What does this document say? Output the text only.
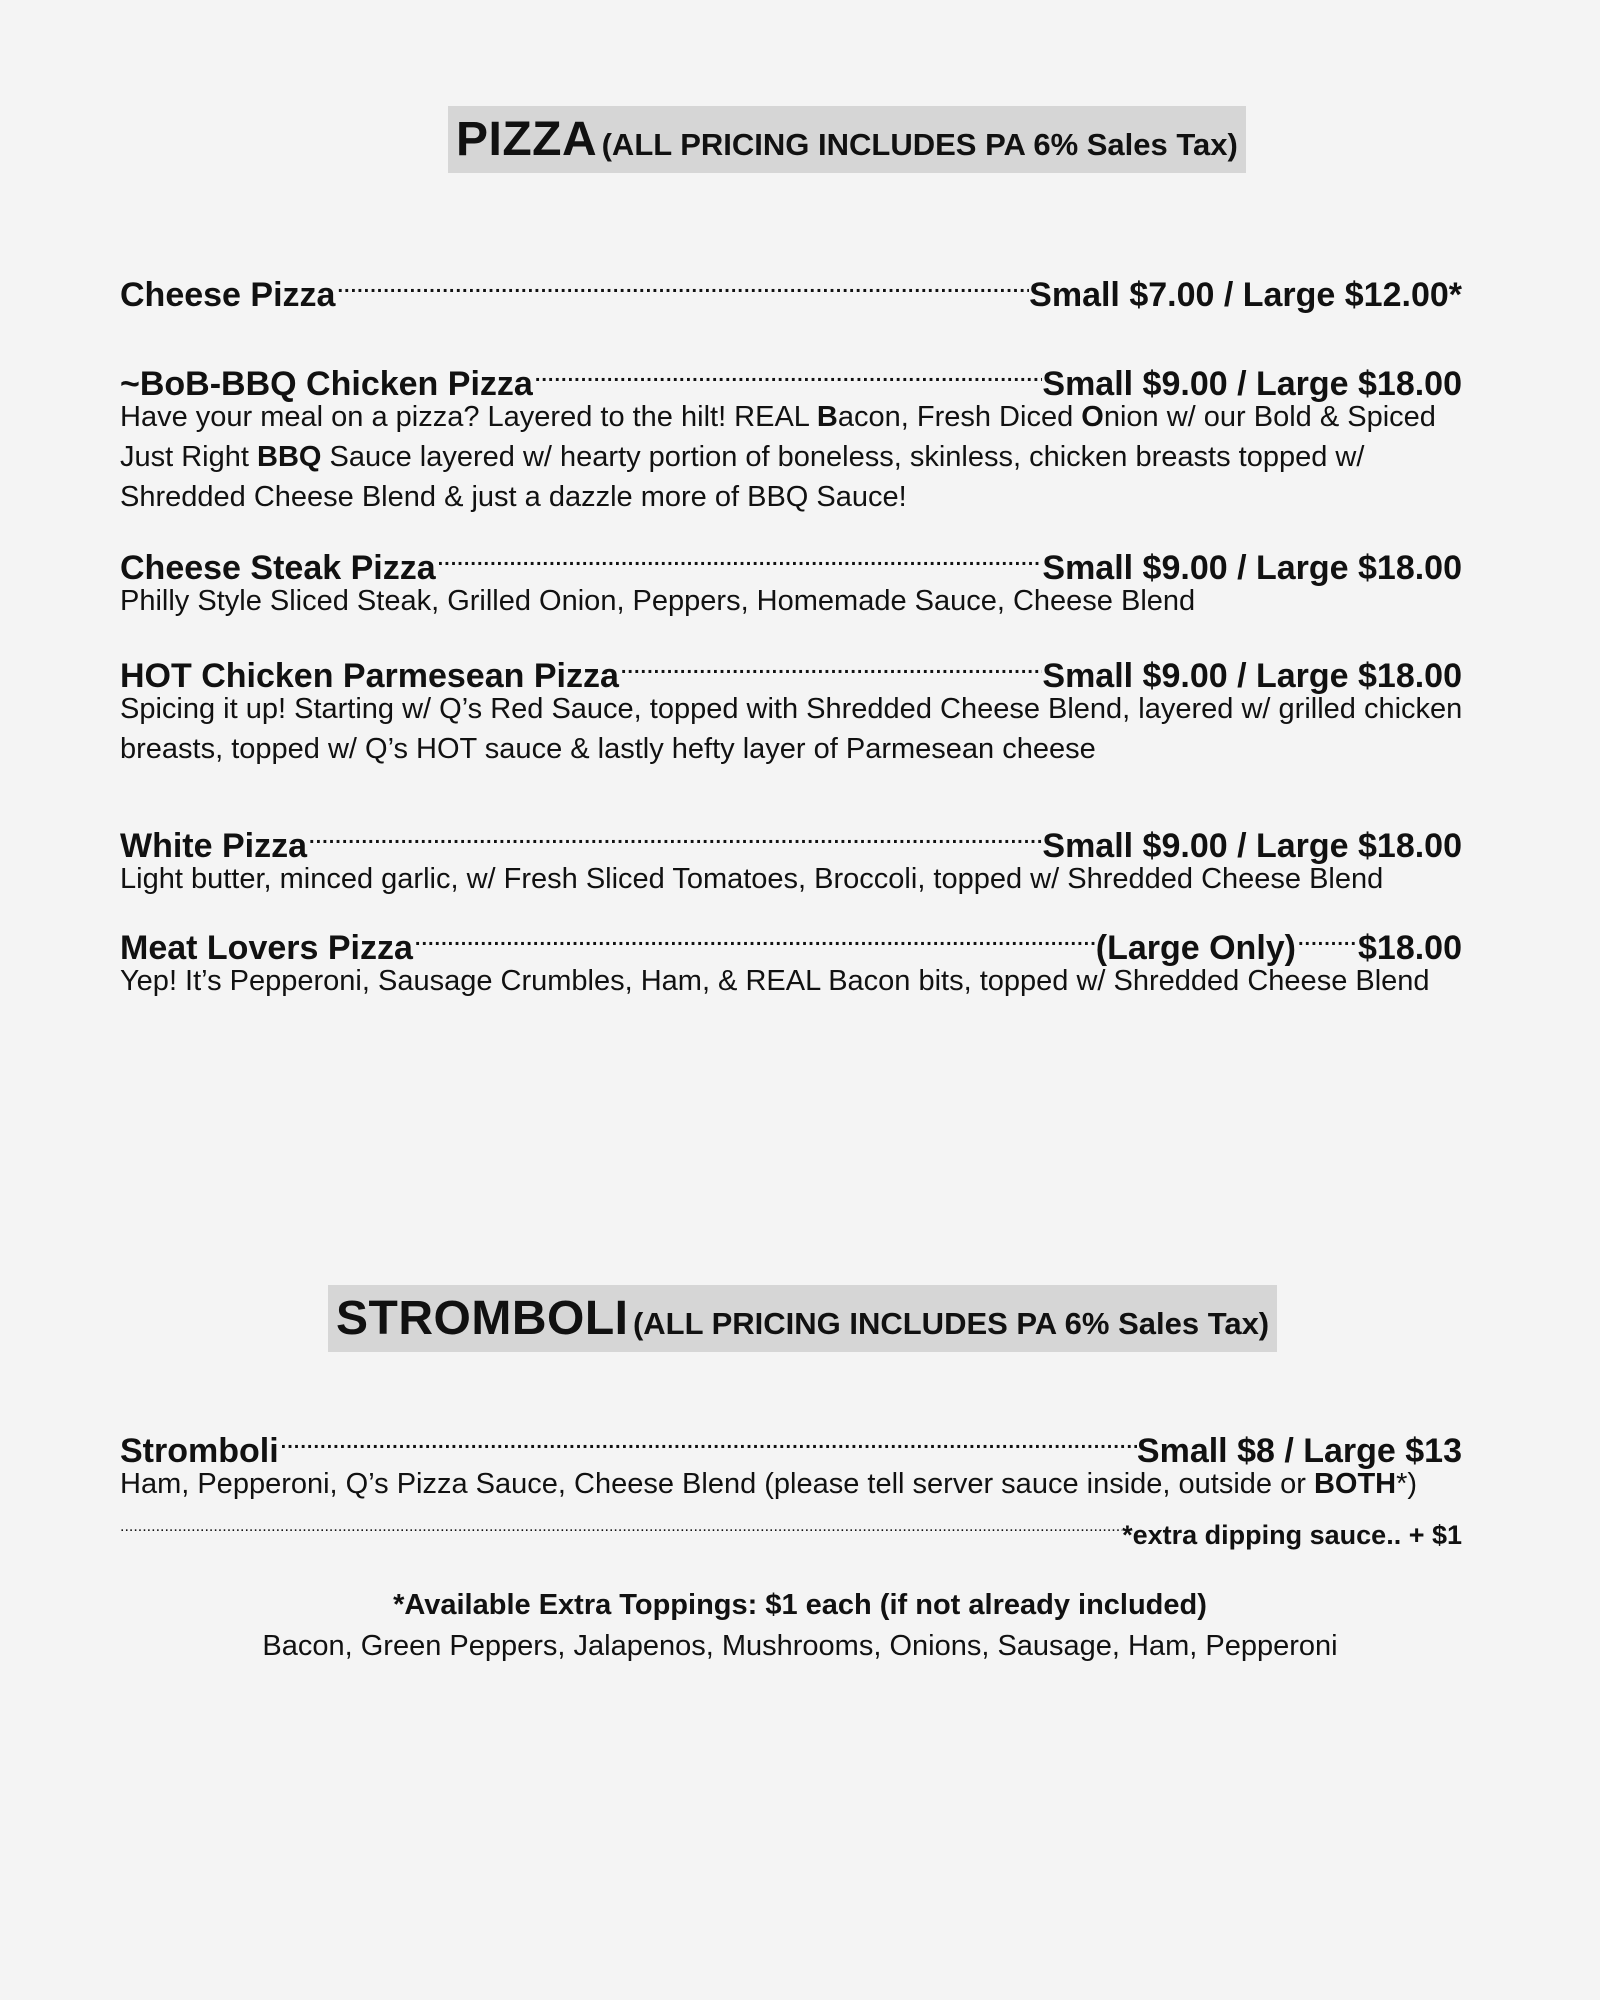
PIZZA (ALL PRICING INCLUDES PA 6% Sales Tax)
Cheese Pizza .....	Small $7.00 / Large $12.00*
~BoB-BBQ Chicken Pizza .....	Small $9.00 / Large $18.00
Have your meal on a pizza? Layered to the hilt! REAL Bacon, Fresh Diced Onion w/ our Bold & Spiced Just Right BBQ Sauce layered w/ hearty portion of boneless, skinless, chicken breasts topped w/ Shredded Cheese Blend & just a dazzle more of BBQ Sauce!
Cheese Steak Pizza .....	Small $9.00 / Large $18.00
Philly Style Sliced Steak, Grilled Onion, Peppers, Homemade Sauce, Cheese Blend
HOT Chicken Parmesean Pizza .....	Small $9.00 / Large $18.00
Spicing it up! Starting w/ Q’s Red Sauce, topped with Shredded Cheese Blend, layered w/ grilled chicken breasts, topped w/ Q’s HOT sauce & lastly hefty layer of Parmesean cheese
White Pizza .....	Small $9.00 / Large $18.00
Light butter, minced garlic, w/ Fresh Sliced Tomatoes, Broccoli, topped w/ Shredded Cheese Blend
Meat Lovers Pizza .....	(Large Only) ..... $18.00
Yep! It’s Pepperoni, Sausage Crumbles, Ham, & REAL Bacon bits, topped w/ Shredded Cheese Blend
STROMBOLI (ALL PRICING INCLUDES PA 6% Sales Tax)
Stromboli .....	Small $8 / Large $13
Ham, Pepperoni, Q’s Pizza Sauce, Cheese Blend (please tell server sauce inside, outside or BOTH*)
.....
*extra dipping sauce.. + $1
*Available Extra Toppings: $1 each (if not already included)
Bacon, Green Peppers, Jalapenos, Mushrooms, Onions, Sausage, Ham, Pepperoni
